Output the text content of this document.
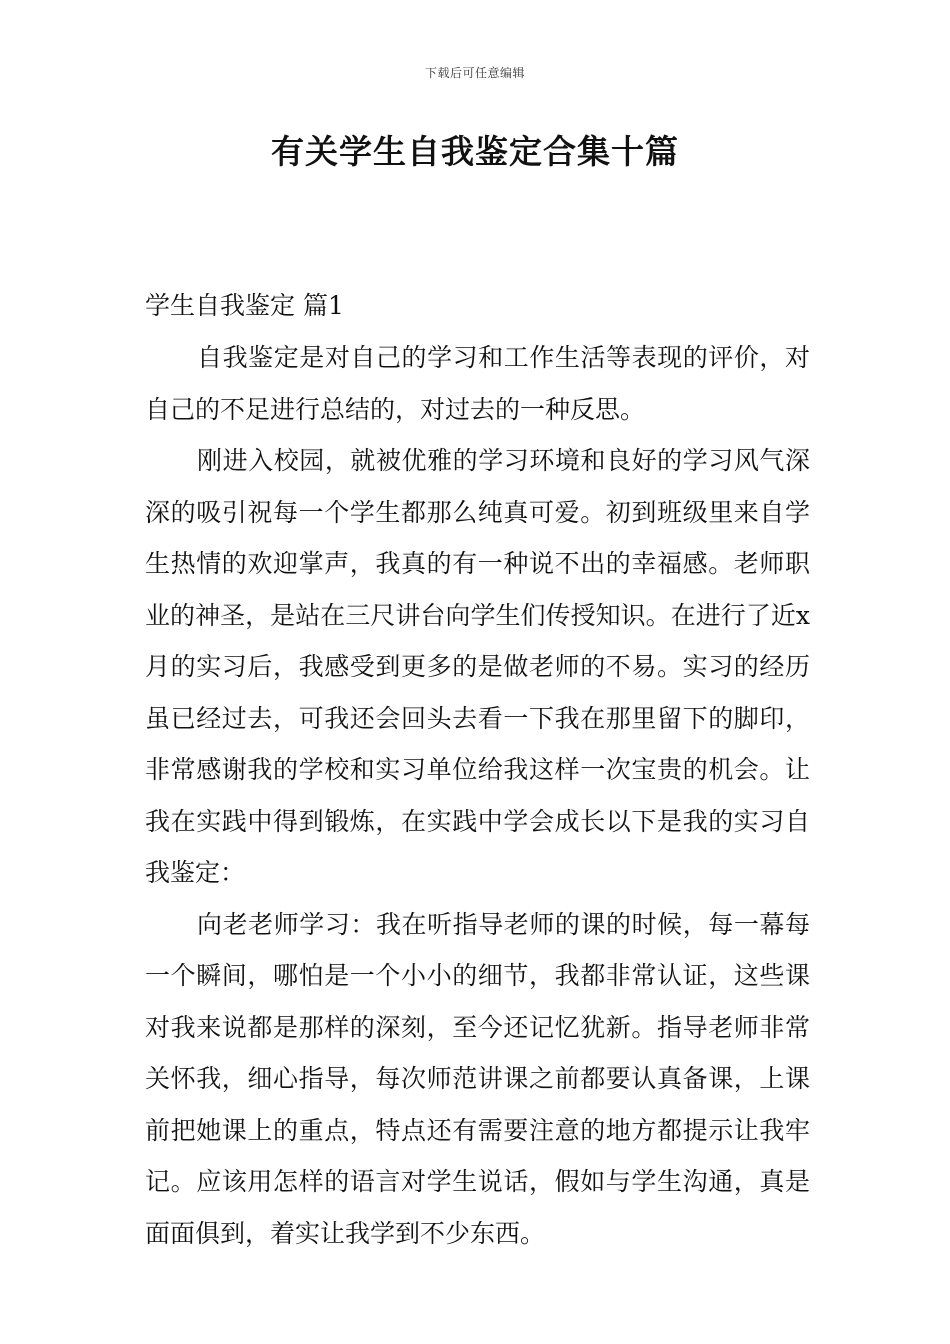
下载后可任意编辑
有关学生自我鉴定合集十篇

学生自我鉴定 篇1

自我鉴定是对自己的学习和工作生活等表现的评价，对自己的不足进行总结的，对过去的一种反思。

刚进入校园，就被优雅的学习环境和良好的学习风气深深的吸引祝每一个学生都那么纯真可爱。初到班级里来自学生热情的欢迎掌声，我真的有一种说不出的幸福感。老师职业的神圣，是站在三尺讲台向学生们传授知识。在进行了近x月的实习后，我感受到更多的是做老师的不易。实习的经历虽已经过去，可我还会回头去看一下我在那里留下的脚印，非常感谢我的学校和实习单位给我这样一次宝贵的机会。让我在实践中得到锻炼，在实践中学会成长以下是我的实习自我鉴定：

向老老师学习：我在听指导老师的课的时候，每一幕每一个瞬间，哪怕是一个小小的细节，我都非常认证，这些课对我来说都是那样的深刻，至今还记忆犹新。指导老师非常关怀我，细心指导，每次师范讲课之前都要认真备课，上课前把她课上的重点，特点还有需要注意的地方都提示让我牢记。应该用怎样的语言对学生说话，假如与学生沟通，真是面面俱到，着实让我学到不少东西。
